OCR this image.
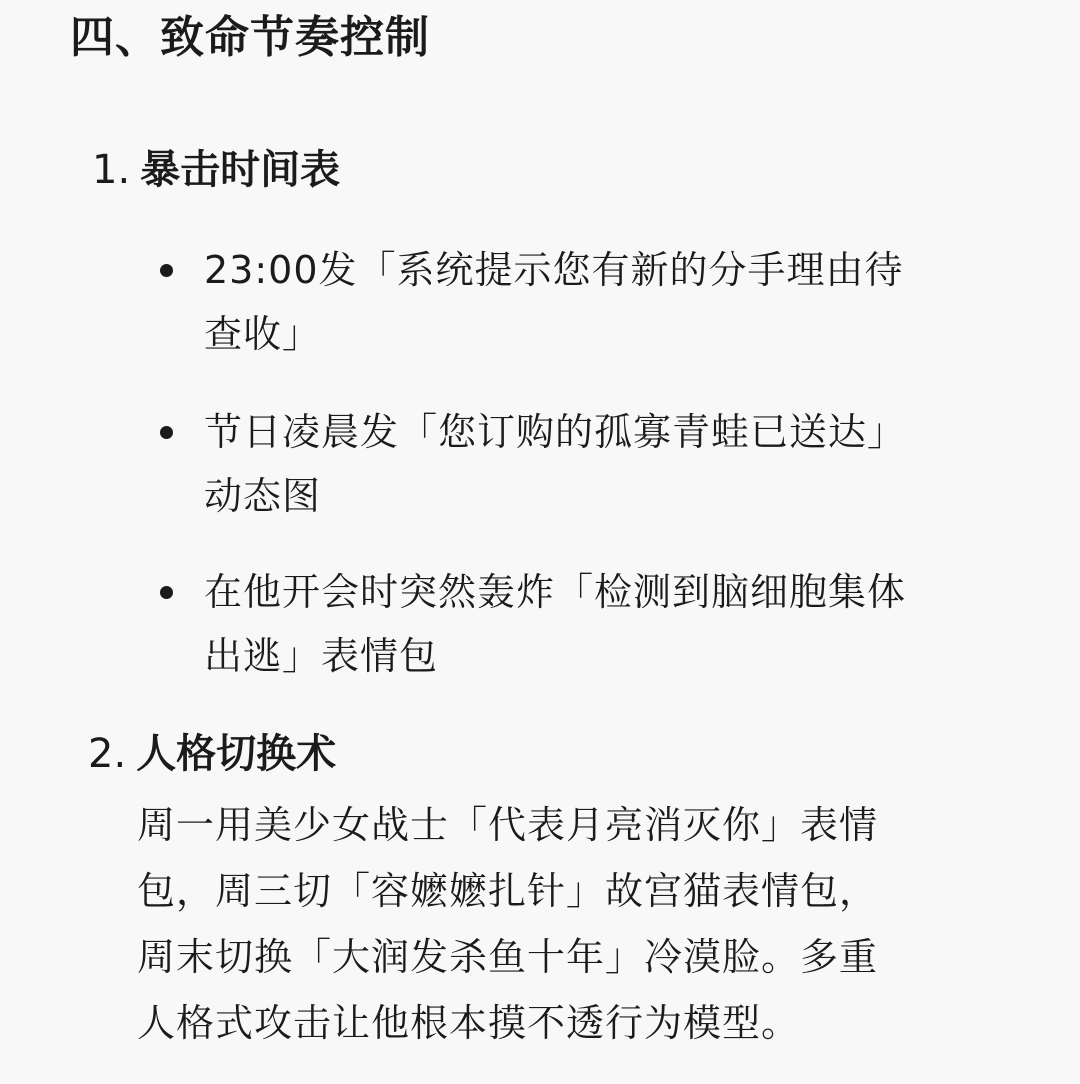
四、致命节奏控制
1. 暴击时间表
23:00发「系统提示您有新的分手理由待
查收」
节日凌晨发「您订购的孤寡青蛙已送达」
动态图
在他开会时突然轰炸「检测到脑细胞集体
出逃」表情包
2. 人格切换术
周一用美少女战士「代表月亮消灭你」表情
包，周三切「容嬷嬷扎针」故宫猫表情包，
周末切换「大润发杀鱼十年」冷漠脸。多重
人格式攻击让他根本摸不透行为模型。
